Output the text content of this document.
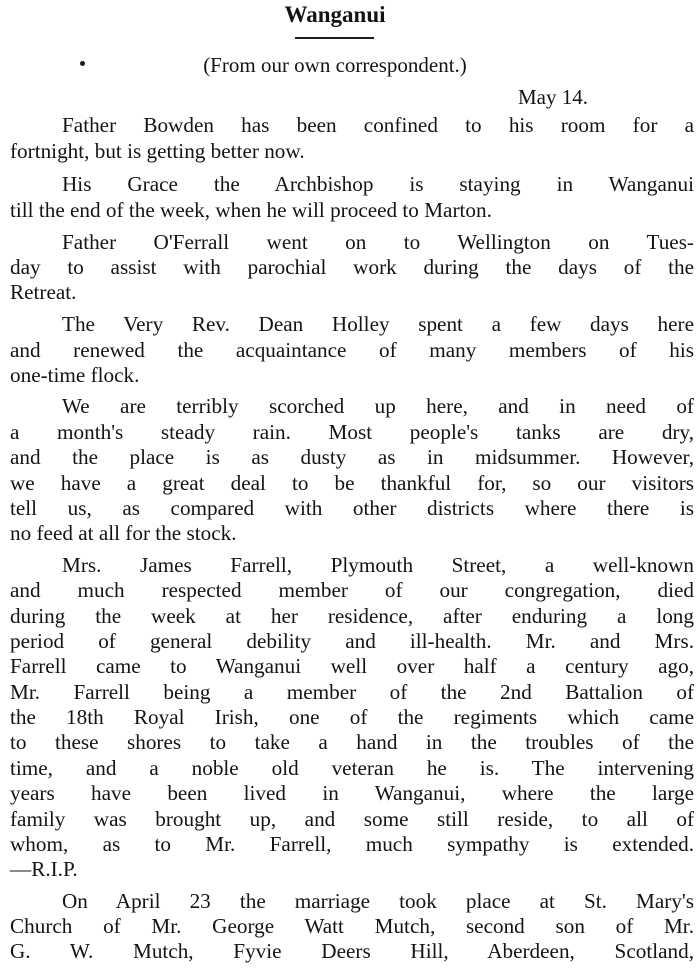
Wanganui
(From our own correspondent.)
May 14.
Father Bowden has been confined to his room for a
fortnight, but is getting better now.
His Grace the Archbishop is staying in Wanganui
till the end of the week, when he will proceed to Marton.
Father O'Ferrall went on to Wellington on Tues-
day to assist with parochial work during the days of the
Retreat.
The Very Rev. Dean Holley spent a few days here
and renewed the acquaintance of many members of his
one-time flock.
We are terribly scorched up here, and in need of
a month's steady rain. Most people's tanks are dry,
and the place is as dusty as in midsummer. However,
we have a great deal to be thankful for, so our visitors
tell us, as compared with other districts where there is
no feed at all for the stock.
Mrs. James Farrell, Plymouth Street, a well-known
and much respected member of our congregation, died
during the week at her residence, after enduring a long
period of general debility and ill-health. Mr. and Mrs.
Farrell came to Wanganui well over half a century ago,
Mr. Farrell being a member of the 2nd Battalion of
the 18th Royal Irish, one of the regiments which came
to these shores to take a hand in the troubles of the
time, and a noble old veteran he is. The intervening
years have been lived in Wanganui, where the large
family was brought up, and some still reside, to all of
whom, as to Mr. Farrell, much sympathy is extended.
—R.I.P.
On April 23 the marriage took place at St. Mary's
Church of Mr. George Watt Mutch, second son of Mr.
G. W. Mutch, Fyvie Deers Hill, Aberdeen, Scotland,
